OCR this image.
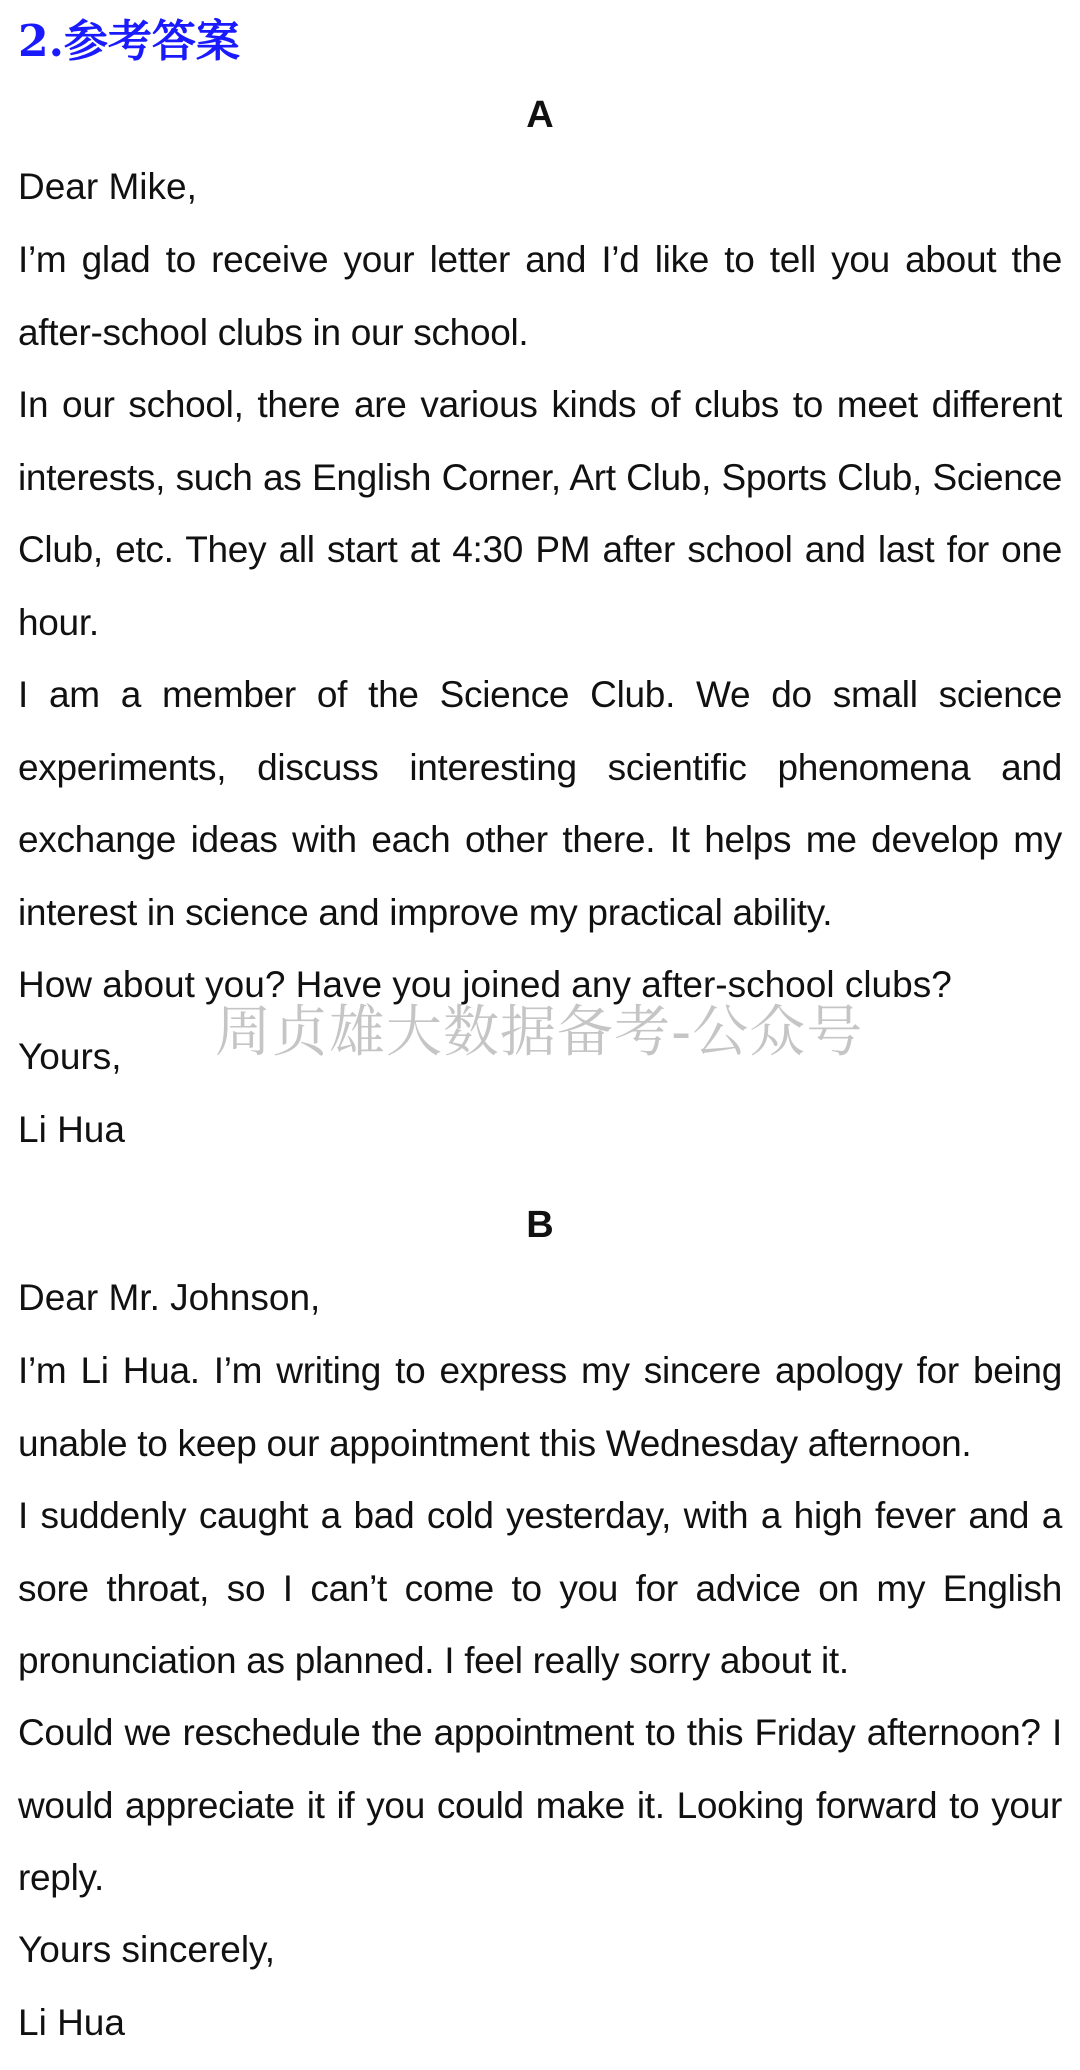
2.参考答案
A
Dear Mike,
I’m glad to receive your letter and I’d like to tell you about the after-school clubs in our school.
In our school, there are various kinds of clubs to meet different interests, such as English Corner, Art Club, Sports Club, Science Club, etc. They all start at 4:30 PM after school and last for one hour.
I am a member of the Science Club. We do small science experiments, discuss interesting scientific phenomena and exchange ideas with each other there. It helps me develop my interest in science and improve my practical ability.
How about you? Have you joined any after-school clubs?
Yours,
Li Hua
B
Dear Mr. Johnson,
I’m Li Hua. I’m writing to express my sincere apology for being unable to keep our appointment this Wednesday afternoon.
I suddenly caught a bad cold yesterday, with a high fever and a sore throat, so I can’t come to you for advice on my English pronunciation as planned. I feel really sorry about it.
Could we reschedule the appointment to this Friday afternoon? I would appreciate it if you could make it. Looking forward to your reply.
Yours sincerely,
Li Hua
周贞雄大数据备考-公众号
